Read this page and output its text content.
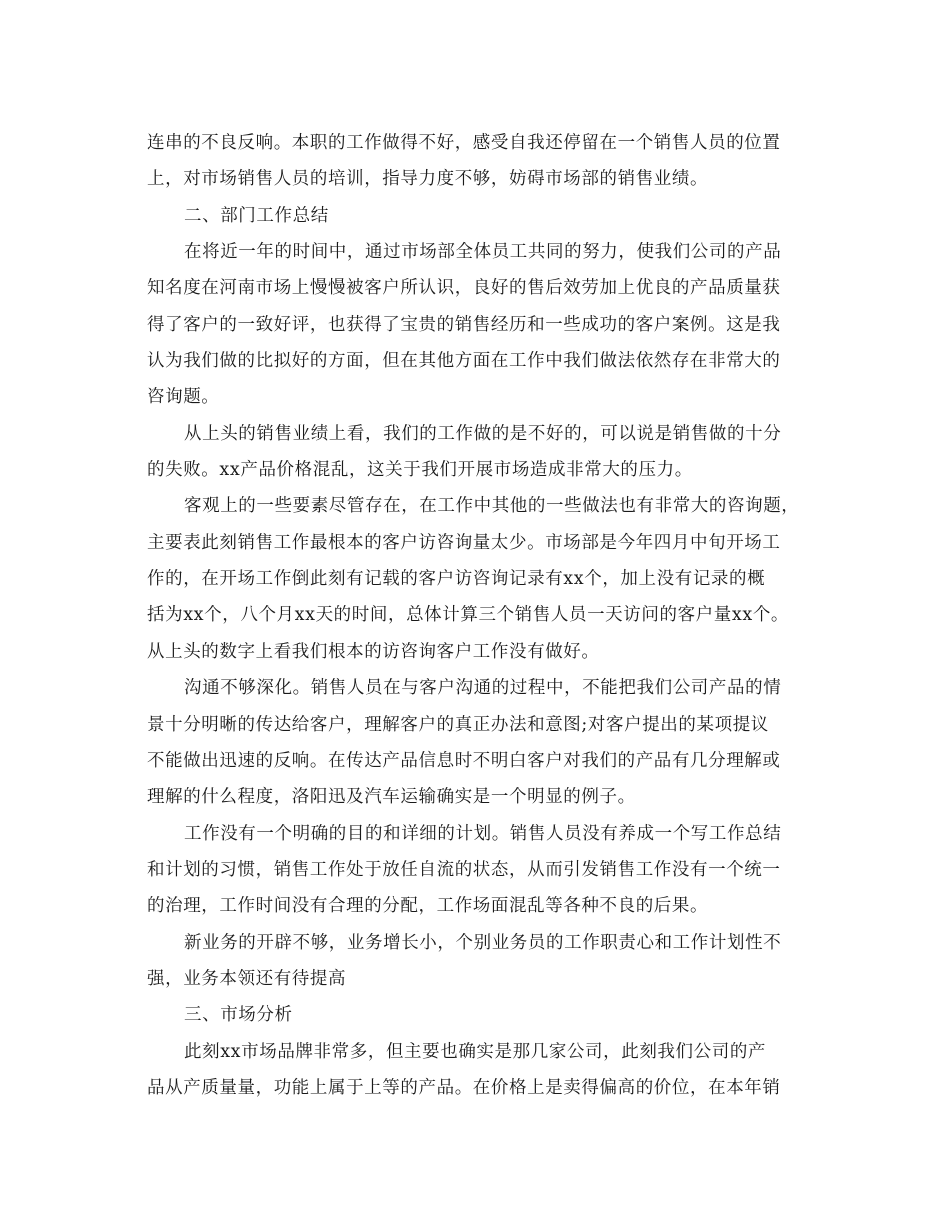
连串的不良反响。本职的工作做得不好，感受自我还停留在一个销售人员的位置
上，对市场销售人员的培训，指导力度不够，妨碍市场部的销售业绩。
二、部门工作总结
在将近一年的时间中，通过市场部全体员工共同的努力，使我们公司的产品
知名度在河南市场上慢慢被客户所认识，良好的售后效劳加上优良的产品质量获
得了客户的一致好评，也获得了宝贵的销售经历和一些成功的客户案例。这是我
认为我们做的比拟好的方面，但在其他方面在工作中我们做法依然存在非常大的
咨询题。
从上头的销售业绩上看，我们的工作做的是不好的，可以说是销售做的十分
的失败。xx产品价格混乱，这关于我们开展市场造成非常大的压力。
客观上的一些要素尽管存在，在工作中其他的一些做法也有非常大的咨询题，
主要表此刻销售工作最根本的客户访咨询量太少。市场部是今年四月中旬开场工
作的，在开场工作倒此刻有记载的客户访咨询记录有xx个，加上没有记录的概
括为xx个，八个月xx天的时间，总体计算三个销售人员一天访问的客户量xx个。
从上头的数字上看我们根本的访咨询客户工作没有做好。
沟通不够深化。销售人员在与客户沟通的过程中，不能把我们公司产品的情
景十分明晰的传达给客户，理解客户的真正办法和意图;对客户提出的某项提议
不能做出迅速的反响。在传达产品信息时不明白客户对我们的产品有几分理解或
理解的什么程度，洛阳迅及汽车运输确实是一个明显的例子。
工作没有一个明确的目的和详细的计划。销售人员没有养成一个写工作总结
和计划的习惯，销售工作处于放任自流的状态，从而引发销售工作没有一个统一
的治理，工作时间没有合理的分配，工作场面混乱等各种不良的后果。
新业务的开辟不够，业务增长小，个别业务员的工作职责心和工作计划性不
强，业务本领还有待提高
三、市场分析
此刻xx市场品牌非常多，但主要也确实是那几家公司，此刻我们公司的产
品从产质量量，功能上属于上等的产品。在价格上是卖得偏高的价位，在本年销
